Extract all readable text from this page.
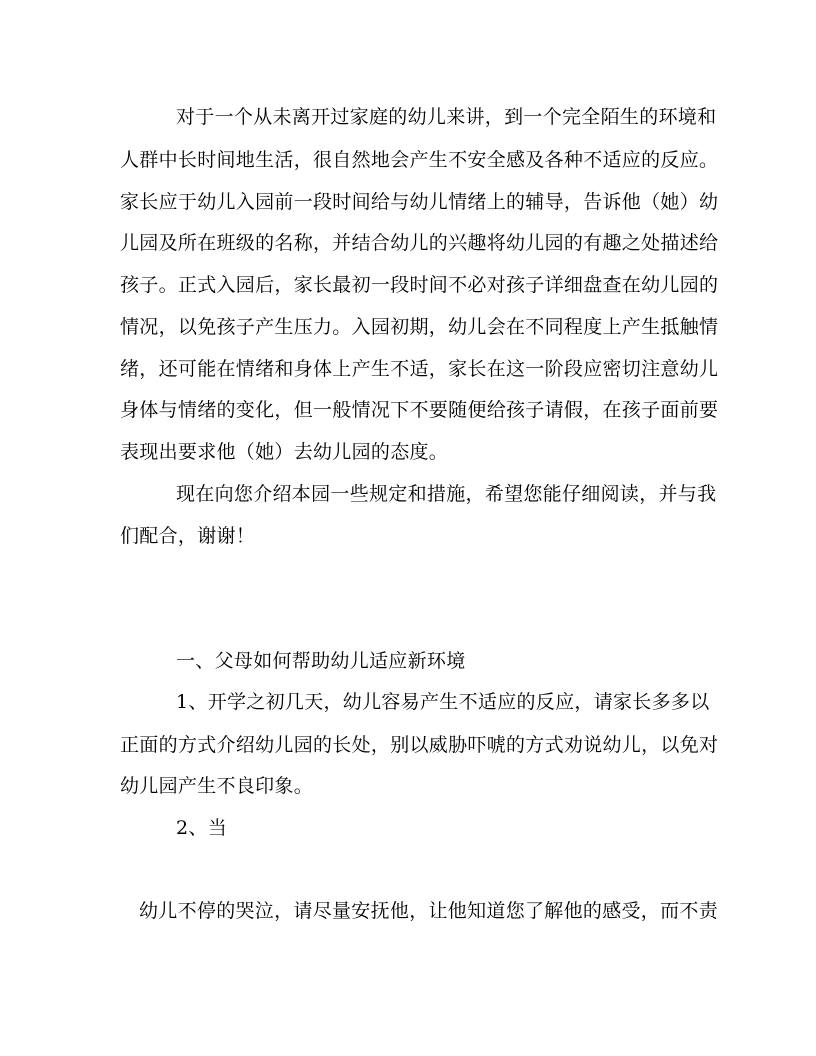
对于一个从未离开过家庭的幼儿来讲，到一个完全陌生的环境和
人群中长时间地生活，很自然地会产生不安全感及各种不适应的反应。
家长应于幼儿入园前一段时间给与幼儿情绪上的辅导，告诉他（她）幼
儿园及所在班级的名称，并结合幼儿的兴趣将幼儿园的有趣之处描述给
孩子。正式入园后，家长最初一段时间不必对孩子详细盘查在幼儿园的
情况，以免孩子产生压力。入园初期，幼儿会在不同程度上产生抵触情
绪，还可能在情绪和身体上产生不适，家长在这一阶段应密切注意幼儿
身体与情绪的变化，但一般情况下不要随便给孩子请假，在孩子面前要
表现出要求他（她）去幼儿园的态度。
现在向您介绍本园一些规定和措施，希望您能仔细阅读，并与我
们配合，谢谢！
一、父母如何帮助幼儿适应新环境
1、开学之初几天，幼儿容易产生不适应的反应，请家长多多以
正面的方式介绍幼儿园的长处，别以威胁吓唬的方式劝说幼儿，以免对
幼儿园产生不良印象。
2、当
幼儿不停的哭泣，请尽量安抚他，让他知道您了解他的感受，而不责
